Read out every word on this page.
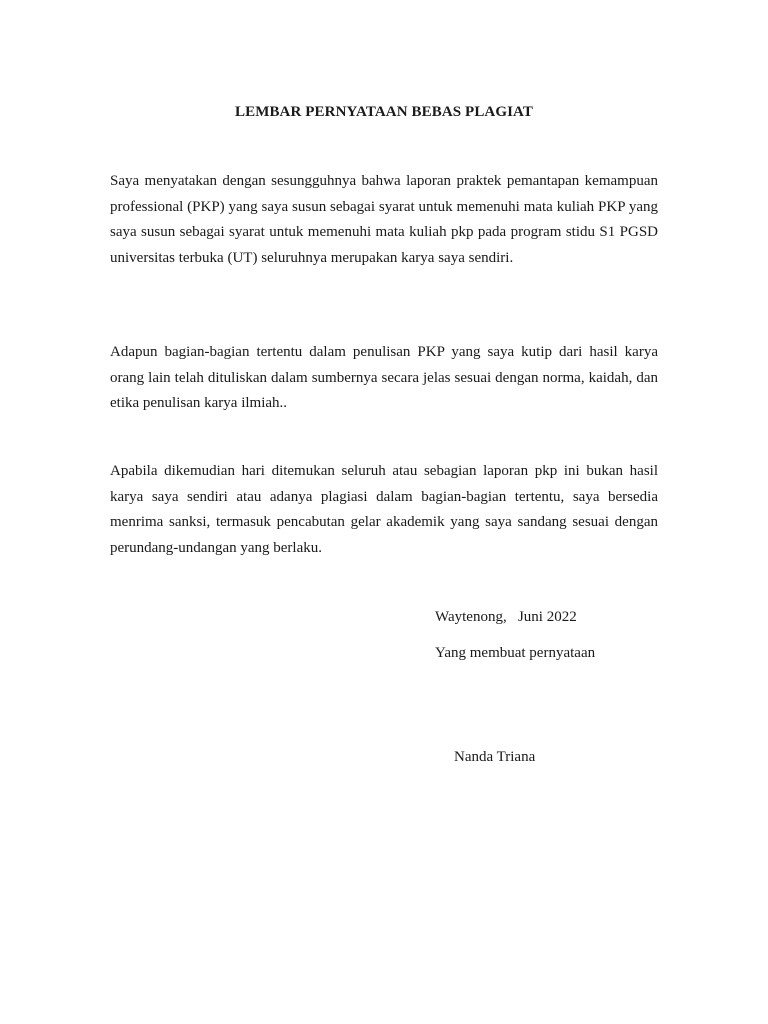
LEMBAR PERNYATAAN BEBAS PLAGIAT

Saya menyatakan dengan sesungguhnya bahwa laporan praktek pemantapan kemampuan professional (PKP) yang saya susun sebagai syarat untuk memenuhi mata kuliah PKP yang saya susun sebagai syarat untuk memenuhi mata kuliah pkp pada program stidu S1 PGSD universitas terbuka (UT) seluruhnya merupakan karya saya sendiri.

Adapun bagian-bagian tertentu dalam penulisan PKP yang saya kutip dari hasil karya orang lain telah dituliskan dalam sumbernya secara jelas sesuai dengan norma, kaidah, dan etika penulisan karya ilmiah..

Apabila dikemudian hari ditemukan seluruh atau sebagian laporan pkp ini bukan hasil karya saya sendiri atau adanya plagiasi dalam bagian-bagian tertentu, saya bersedia menrima sanksi, termasuk pencabutan gelar akademik yang saya sandang sesuai dengan perundang-undangan yang berlaku.

Waytenong,   Juni 2022
Yang membuat pernyataan
Nanda Triana
